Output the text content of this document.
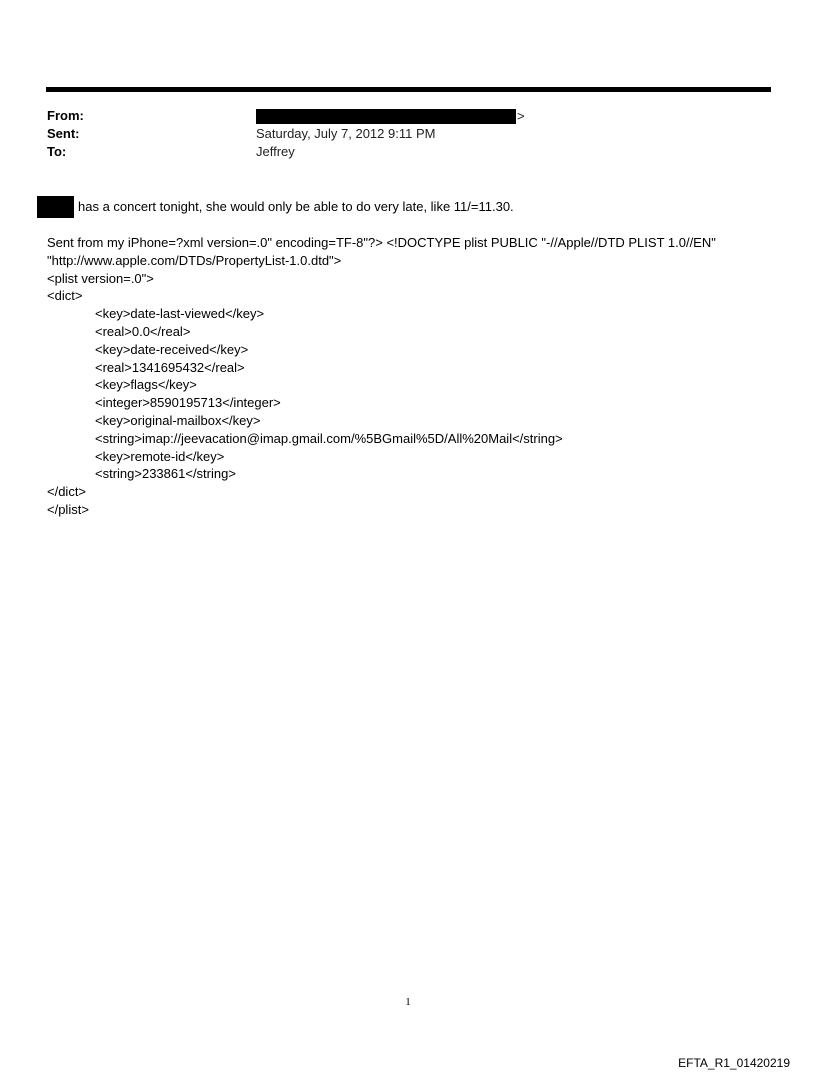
From:	>
Sent:	Saturday, July 7, 2012 9:11 PM
To:	Jeffrey
has a concert tonight, she would only be able to do very late, like 11/=11.30.
Sent from my iPhone=?xml version=.0" encoding=TF-8"?> <!DOCTYPE plist PUBLIC "-//Apple//DTD PLIST 1.0//EN"
"http://www.apple.com/DTDs/PropertyList-1.0.dtd">
<plist version=.0">
<dict>
<key>date-last-viewed</key>
<real>0.0</real>
<key>date-received</key>
<real>1341695432</real>
<key>flags</key>
<integer>8590195713</integer>
<key>original-mailbox</key>
<string>imap://jeevacation@imap.gmail.com/%5BGmail%5D/All%20Mail</string>
<key>remote-id</key>
<string>233861</string>
</dict>
</plist>
1
EFTA_R1_01420219
